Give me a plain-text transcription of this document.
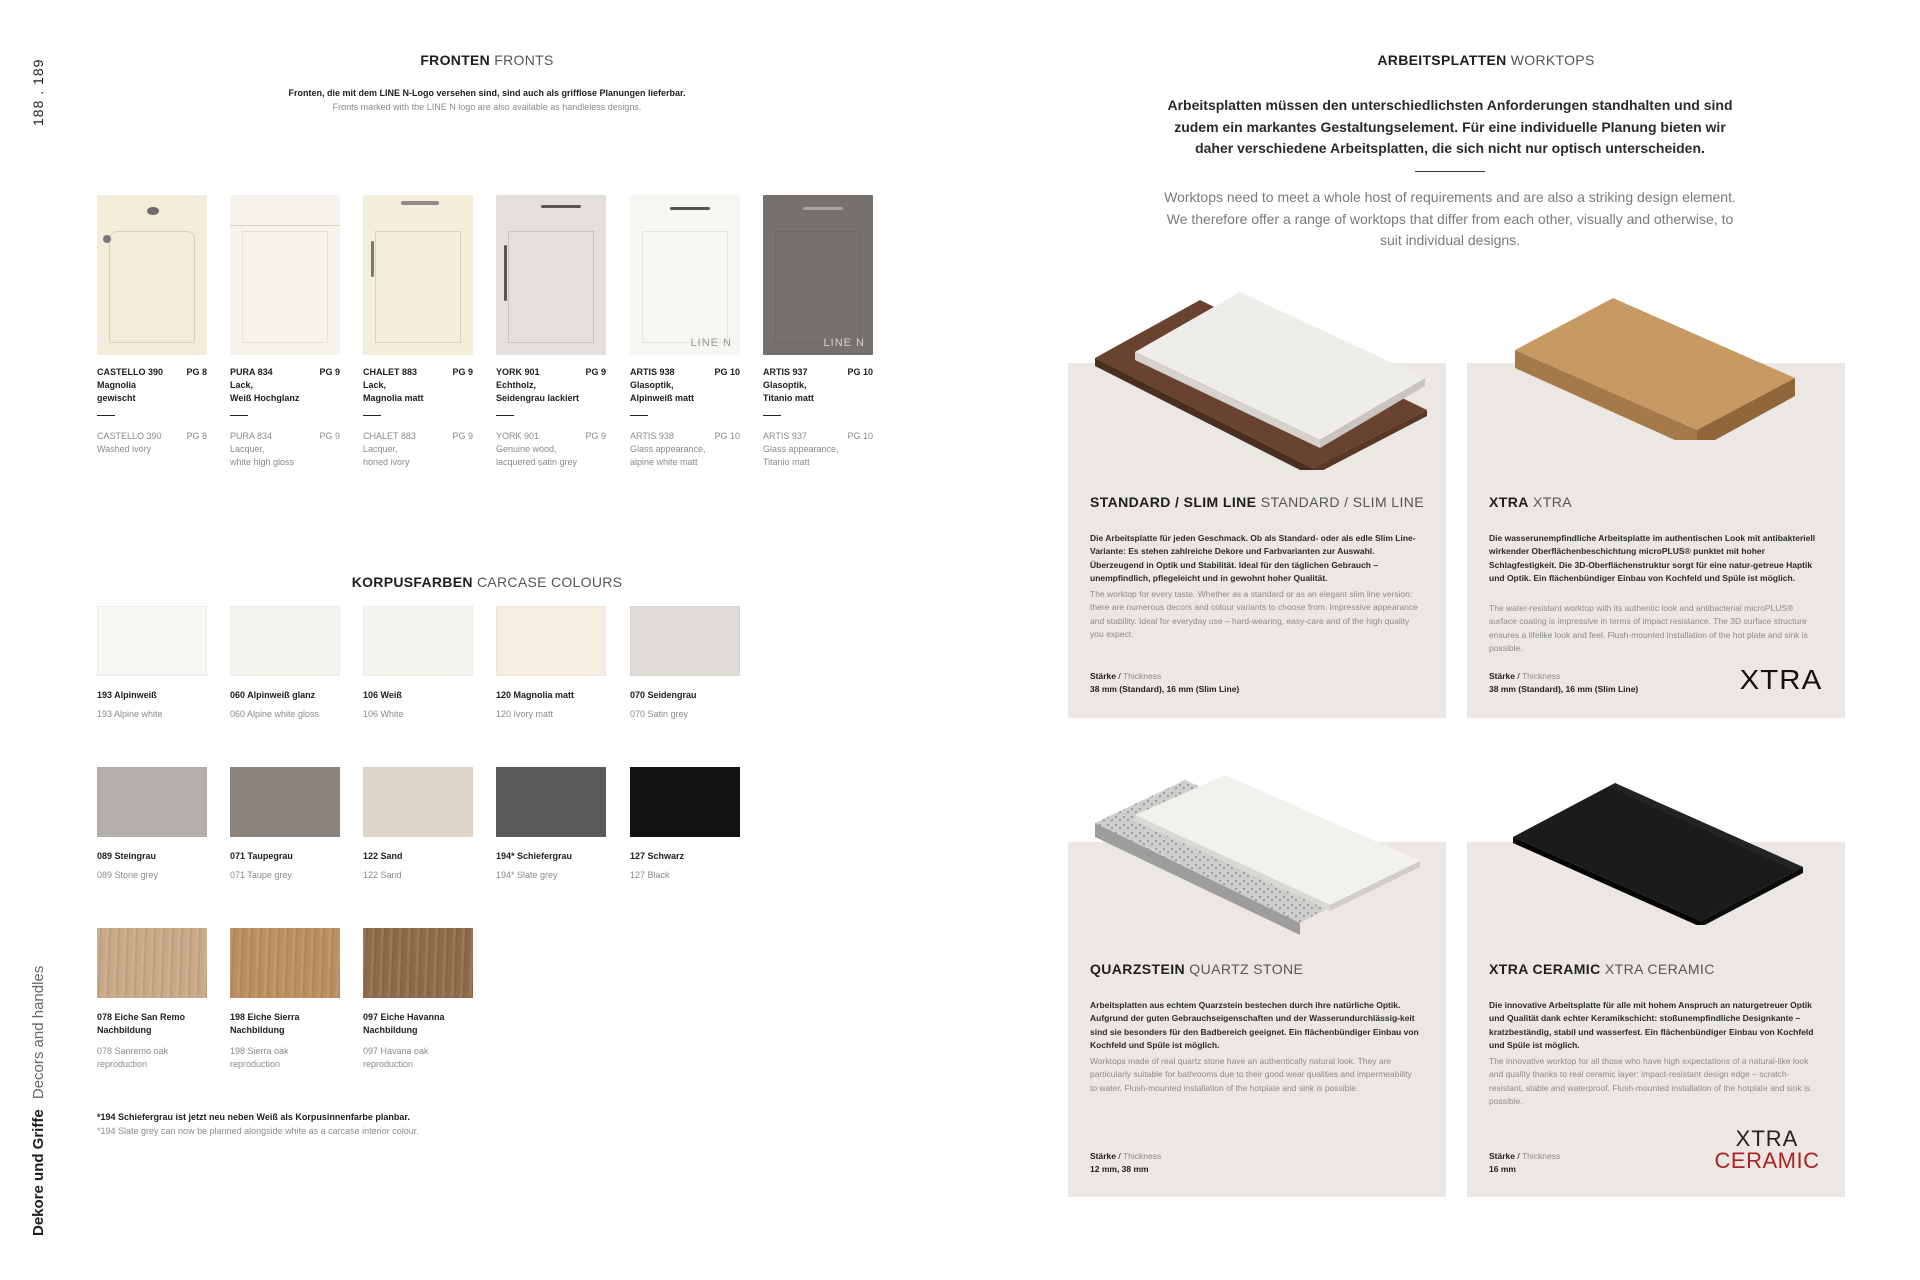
188 . 189
Dekore und Griffe Decors and handles
FRONTEN FRONTS
Fronten, die mit dem LINE N-Logo versehen sind, sind auch als grifflose Planungen lieferbar.
Fronts marked with the LINE N logo are also available as handleless designs.
CASTELLO 390
Magnolia
gewischt
PG 8
CASTELLO 390
Washed ivory
PG 8
PURA 834
Lack,
Weiß Hochglanz
PG 9
PURA 834
Lacquer,
white high gloss
PG 9
CHALET 883
Lack,
Magnolia matt
PG 9
CHALET 883
Lacquer,
honed ivory
PG 9
YORK 901
Echtholz,
Seidengrau lackiert
PG 9
YORK 901
Genuine wood,
lacquered satin grey
PG 9
LINE N
ARTIS 938
Glasoptik,
Alpinweiß matt
PG 10
ARTIS 938
Glass appearance,
alpine white matt
PG 10
LINE N
ARTIS 937
Glasoptik,
Titanio matt
PG 10
ARTIS 937
Glass appearance,
Titanio matt
PG 10
KORPUSFARBEN CARCASE COLOURS
193 Alpinweiß
193 Alpine white
060 Alpinweiß glanz
060 Alpine white gloss
106 Weiß
106 White
120 Magnolia matt
120 Ivory matt
070 Seidengrau
070 Satin grey
089 Steingrau
089 Stone grey
071 Taupegrau
071 Taupe grey
122 Sand
122 Sand
194* Schiefergrau
194* Slate grey
127 Schwarz
127 Black
078 Eiche San Remo
Nachbildung
078 Sanremo oak
reproduction
198 Eiche Sierra
Nachbildung
198 Sierra oak
reproduction
097 Eiche Havanna
Nachbildung
097 Havana oak
reproduction
*194 Schiefergrau ist jetzt neu neben Weiß als Korpusinnenfarbe planbar.
*194 Slate grey can now be planned alongside white as a carcase interior colour.
ARBEITSPLATTEN WORKTOPS
Arbeitsplatten müssen den unterschiedlichsten Anforderungen standhalten und sind zudem ein markantes Gestaltungselement. Für eine individuelle Planung bieten wir daher verschiedene Arbeitsplatten, die sich nicht nur optisch unterscheiden.
Worktops need to meet a whole host of requirements and are also a striking design element. We therefore offer a range of worktops that differ from each other, visually and otherwise, to suit individual designs.
STANDARD / SLIM LINE STANDARD / SLIM LINE
Die Arbeitsplatte für jeden Geschmack. Ob als Standard- oder als edle Slim Line-Variante: Es stehen zahlreiche Dekore und Farbvarianten zur Auswahl. Überzeugend in Optik und Stabilität. Ideal für den täglichen Gebrauch – unempfindlich, pflegeleicht und in gewohnt hoher Qualität.
The worktop for every taste. Whether as a standard or as an elegant slim line version: there are numerous decors and colour variants to choose from. Impressive appearance and stability. Ideal for everyday use – hard-wearing, easy-care and of the high quality you expect.
Stärke / Thickness
38 mm (Standard), 16 mm (Slim Line)
XTRA XTRA
Die wasserunempfindliche Arbeitsplatte im authentischen Look mit antibakteriell wirkender Oberflächenbeschichtung microPLUS® punktet mit hoher Schlagfestigkeit. Die 3D-Oberflächenstruktur sorgt für eine natur-getreue Haptik und Optik. Ein flächenbündiger Einbau von Kochfeld und Spüle ist möglich.
The water-resistant worktop with its authentic look and antibacterial microPLUS® surface coating is impressive in terms of impact resistance. The 3D surface structure ensures a lifelike look and feel. Flush-mounted installation of the hot plate and sink is possible.
Stärke / Thickness
38 mm (Standard), 16 mm (Slim Line)	XTRA
QUARZSTEIN QUARTZ STONE
Arbeitsplatten aus echtem Quarzstein bestechen durch ihre natürliche Optik. Aufgrund der guten Gebrauchseigenschaften und der Wasserundurchlässig-keit sind sie besonders für den Badbereich geeignet. Ein flächenbündiger Einbau von Kochfeld und Spüle ist möglich.
Worktops made of real quartz stone have an authentically natural look. They are particularly suitable for bathrooms due to their good wear qualities and impermeability to water. Flush-mounted installation of the hotplate and sink is possible.
Stärke / Thickness
12 mm, 38 mm
XTRA CERAMIC XTRA CERAMIC
Die innovative Arbeitsplatte für alle mit hohem Anspruch an naturgetreuer Optik und Qualität dank echter Keramikschicht: stoßunempfindliche Designkante – kratzbeständig, stabil und wasserfest. Ein flächenbündiger Einbau von Kochfeld und Spüle ist möglich.
The innovative worktop for all those who have high expectations of a natural-like look and quality thanks to real ceramic layer: impact-resistant design edge – scratch-resistant, stable and waterproof. Flush-mounted installation of the hotplate and sink is possible.
Stärke / Thickness
16 mm
XTRA
CERAMIC
